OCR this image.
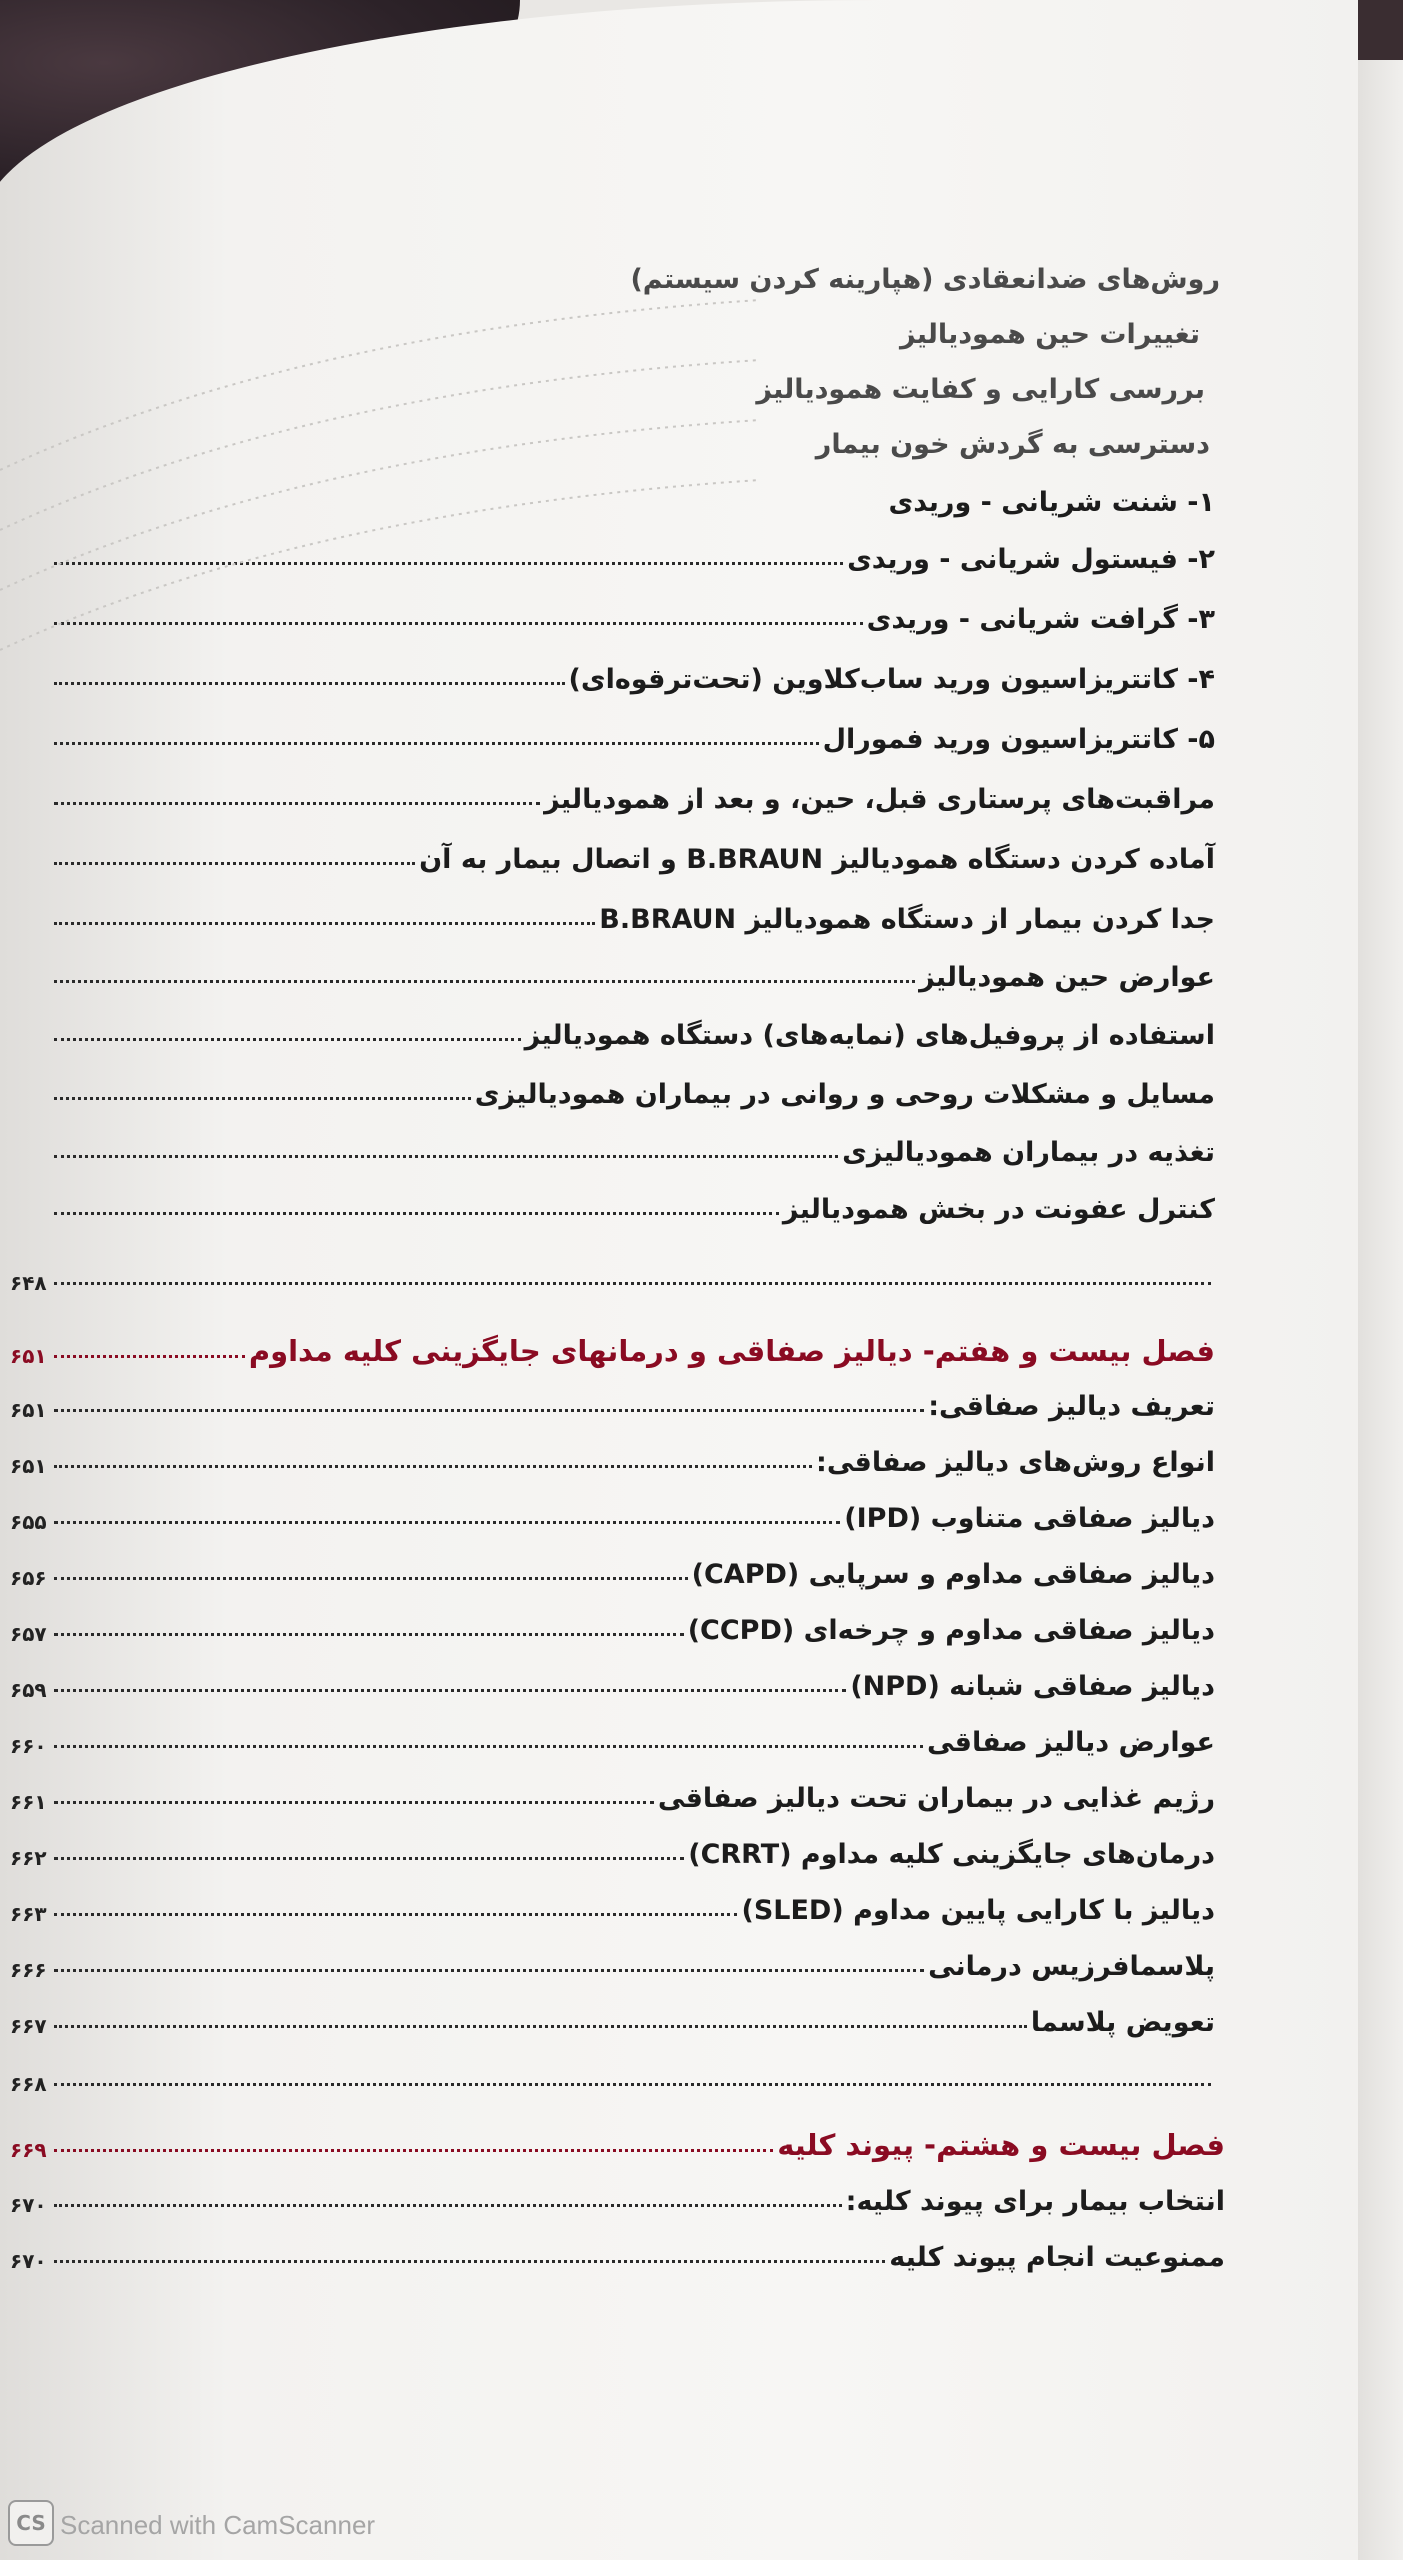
روش‌های ضدانعقادی (هپارینه کردن سیستم)
تغییرات حین همودیالیز
بررسی کارایی و کفایت همودیالیز
دسترسی به گردش خون بیمار
۱- شنت شریانی - وریدی
۲- فیستول شریانی - وریدی
۳- گرافت شریانی - وریدی
۴- کاتتریزاسیون ورید ساب‌کلاوین (تحت‌ترقوه‌ای)
۵- کاتتریزاسیون ورید فمورال
مراقبت‌های پرستاری قبل، حین، و بعد از همودیالیز
آماده کردن دستگاه همودیالیز B.BRAUN و اتصال بیمار به آن
جدا کردن بیمار از دستگاه همودیالیز B.BRAUN
عوارض حین همودیالیز
استفاده از پروفیل‌های (نمایه‌های) دستگاه همودیالیز
مسایل و مشکلات روحی و روانی در بیماران همودیالیزی
تغذیه در بیماران همودیالیزی
کنترل عفونت در بخش همودیالیز
۶۴۸
فصل بیست و هفتم- دیالیز صفاقی و درمانهای جایگزینی کلیه مداوم
۶۵۱
تعریف دیالیز صفاقی:
۶۵۱
انواع روش‌های دیالیز صفاقی:
۶۵۱
دیالیز صفاقی متناوب (IPD)
۶۵۵
دیالیز صفاقی مداوم و سرپایی (CAPD)
۶۵۶
دیالیز صفاقی مداوم و چرخه‌ای (CCPD)
۶۵۷
دیالیز صفاقی شبانه (NPD)
۶۵۹
عوارض دیالیز صفاقی
۶۶۰
رژیم غذایی در بیماران تحت دیالیز صفاقی
۶۶۱
درمان‌های جایگزینی کلیه مداوم (CRRT)
۶۶۲
دیالیز با کارایی پایین مداوم (SLED)
۶۶۳
پلاسمافرزیس درمانی
۶۶۶
تعویض پلاسما
۶۶۷
۶۶۸
فصل بیست و هشتم- پیوند کلیه
۶۶۹
انتخاب بیمار برای پیوند کلیه:
۶۷۰
ممنوعیت انجام پیوند کلیه
۶۷۰
CS Scanned with CamScanner
